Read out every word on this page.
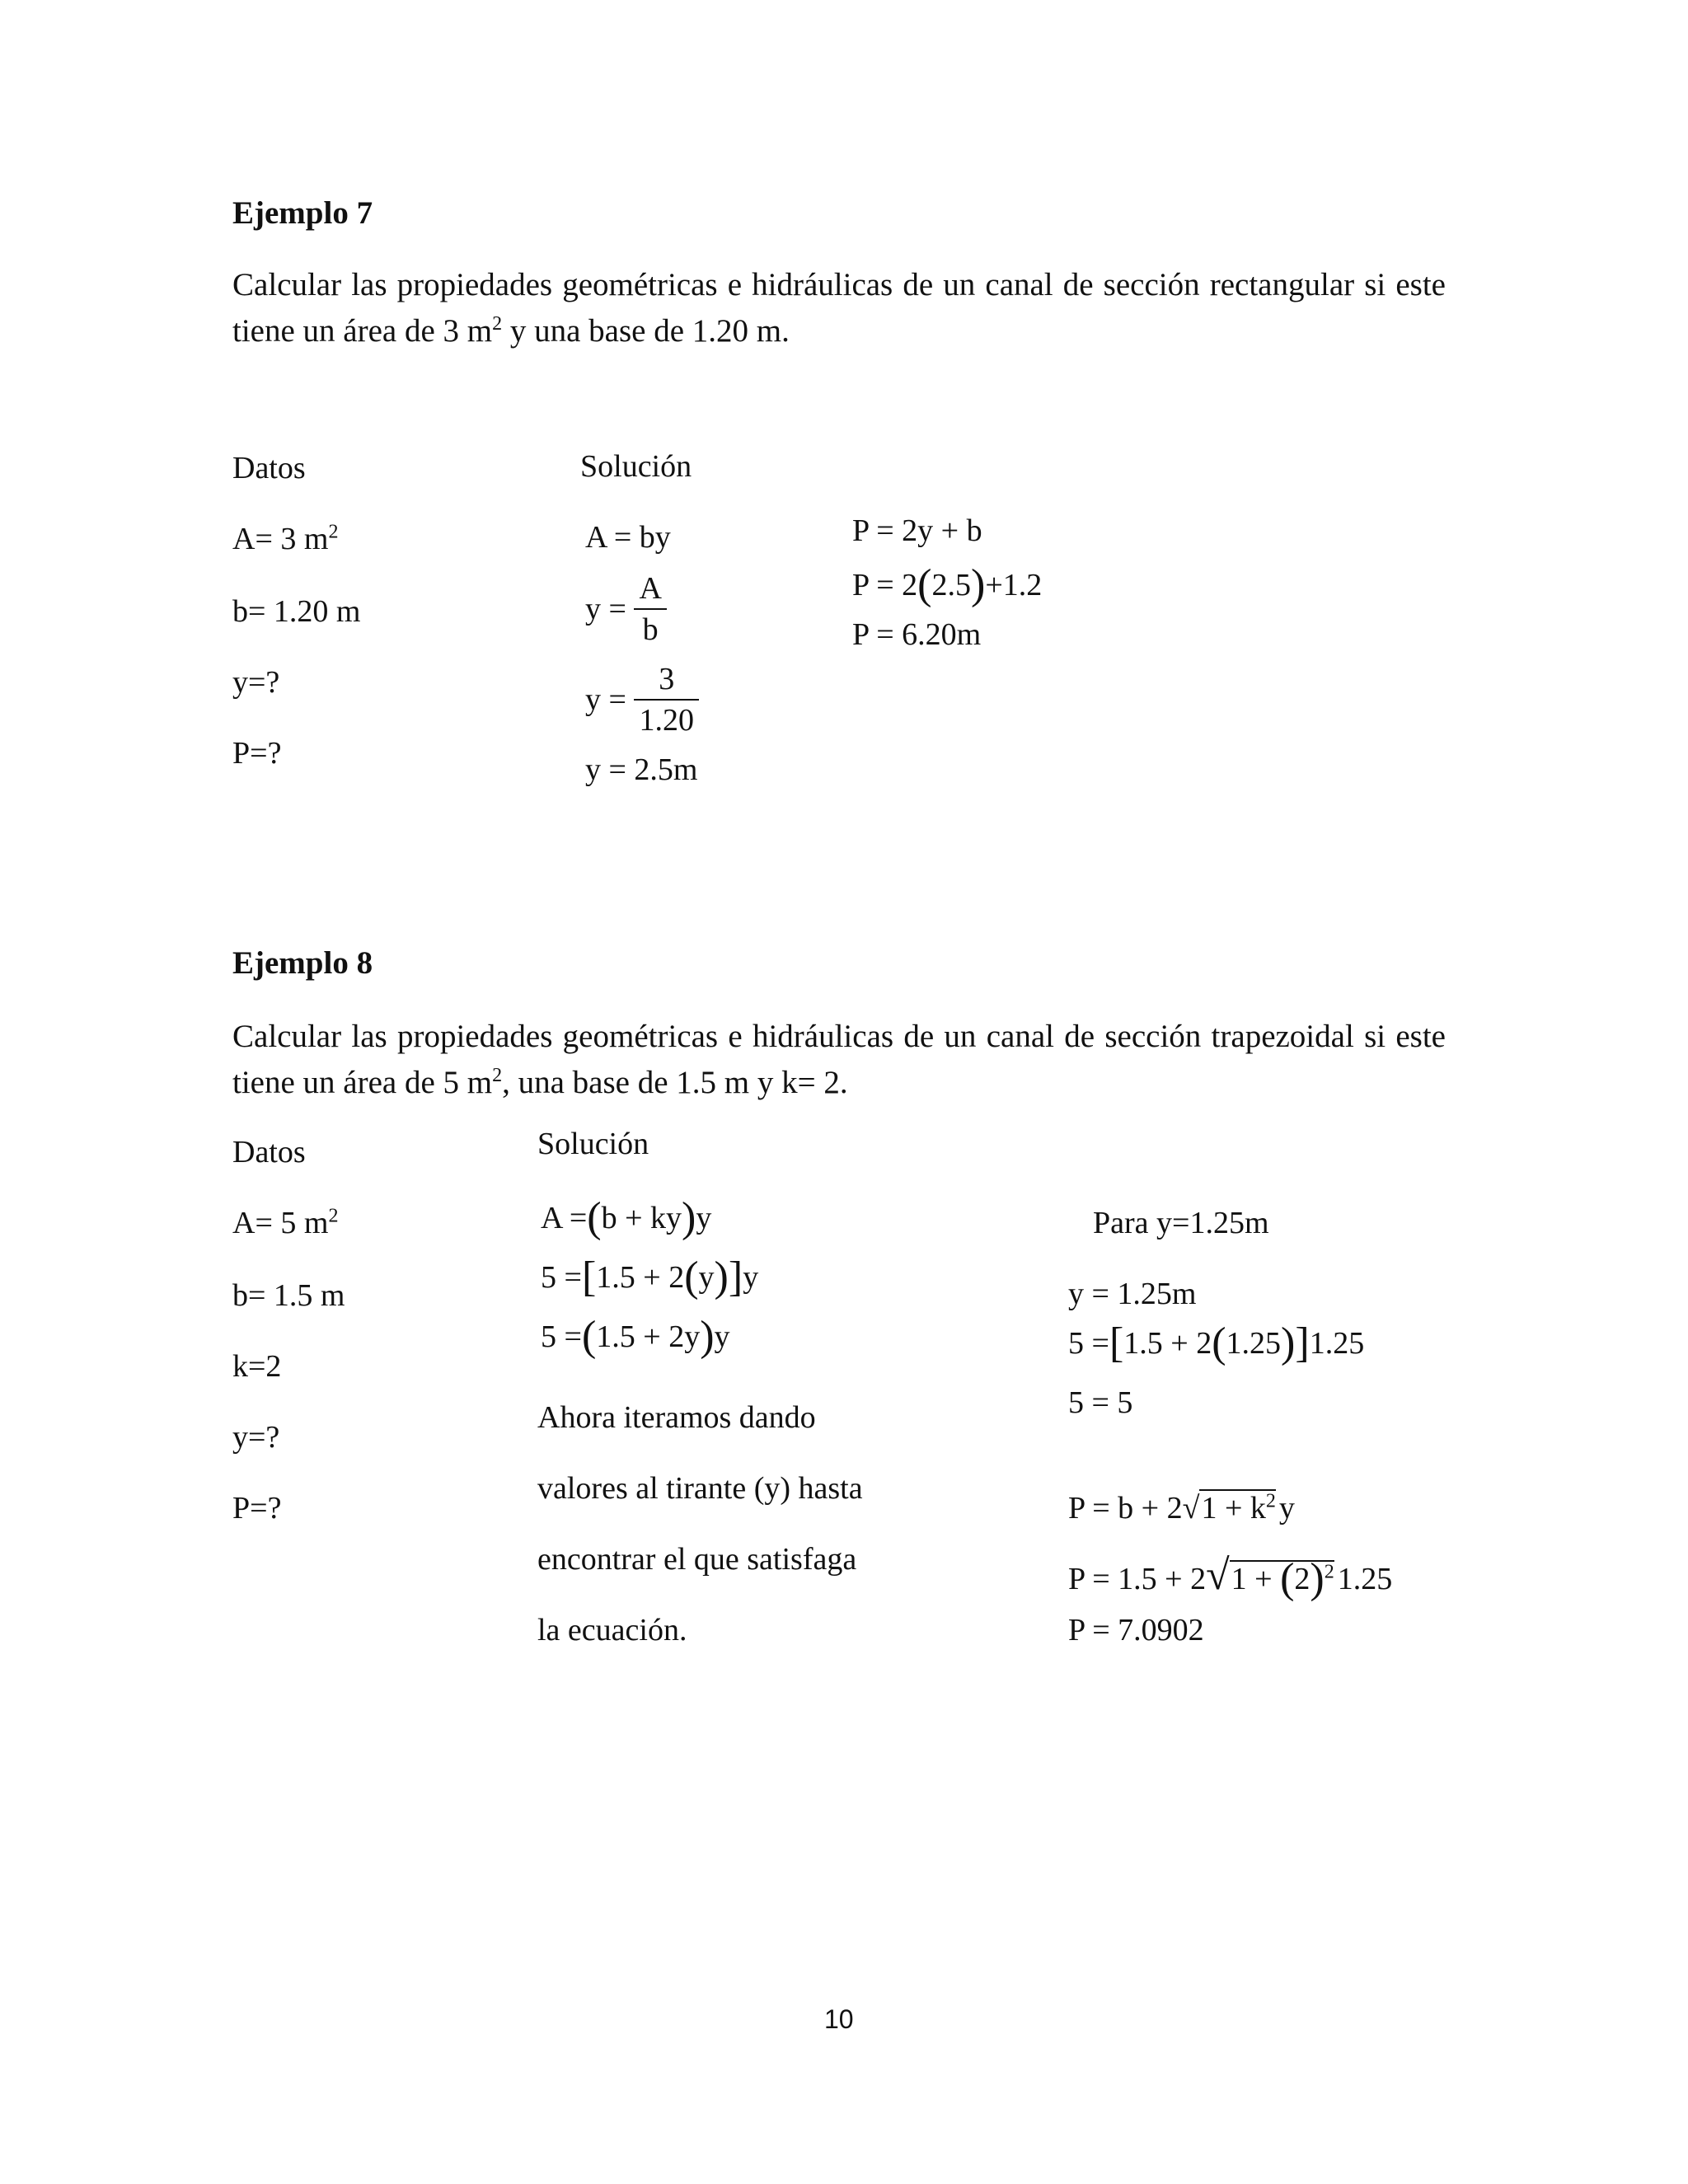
Ejemplo 7
Calcular las propiedades geométricas e hidráulicas de un canal de sección rectangular si este tiene un área de 3 $m^2$ y una base de 1.20 m.
Datos	Solución
A= 3 $m^2$
b= 1.20 m
y=?
P=?
A = by
$y = \frac{A}{b}$
$y = \frac{3}{1.20}$
y = 2.5m
P = 2y + b
P = 2(2.5)+1.2
P = 6.20m
Ejemplo 8
Calcular las propiedades geométricas e hidráulicas de un canal de sección trapezoidal si este tiene un área de 5 $m^2$, una base de 1.5 m y k= 2.
Datos	Solución
A= 5 $m^2$
b= 1.5 m
k=2
y=?
P=?
A =(b + ky)y
5 =[1.5 + 2(y)]y
5 =(1.5 + 2y)y
Ahora iteramos dando
valores al tirante (y) hasta
encontrar el que satisfaga
la ecuación.
Para y=1.25m
y = 1.25m
5 =[1.5 + 2(1.25)]1.25
5 = 5
$P = b + 2√1 + k^2$ y
$P = 1.5 + 2√1 + (2)^2$ 1.25
P = 7.0902
10
